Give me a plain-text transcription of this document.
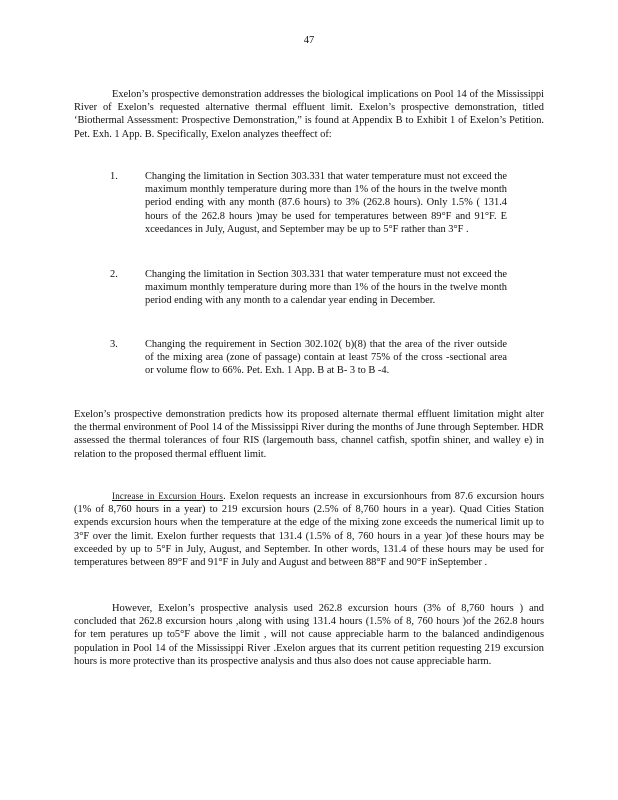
47

Exelon’s prospective demonstration addresses the biological implications on Pool 14 of the Mississippi River of Exelon’s requested alternative thermal effluent limit. Exelon’s prospective demonstration, titled ‘Biothermal Assessment: Prospective Demonstration,” is found at Appendix B to Exhibit 1 of Exelon’s Petition. Pet. Exh. 1 App. B. Specifically, Exelon analyzes theeffect of:

1.	Changing the limitation in Section 303.331 that water temperature must not exceed the maximum monthly temperature during more than 1% of the hours in the twelve month period ending with any month (87.6 hours) to 3% (262.8 hours). Only 1.5% ( 131.4 hours of the 262.8 hours )may be used for temperatures between 89°F and 91°F. E xceedances in July, August, and September may be up to 5°F rather than 3°F .

2.	Changing the limitation in Section 303.331 that water temperature must not exceed the maximum monthly temperature during more than 1% of the hours in the twelve month period ending with any month to a calendar year ending in December.

3.	Changing the requirement in Section 302.102( b)(8) that the area of the river outside of the mixing area (zone of passage) contain at least 75% of the cross -sectional area or volume flow to 66%. Pet. Exh. 1 App. B at B- 3 to B -4.

Exelon’s prospective demonstration predicts how its proposed alternate thermal effluent limitation might alter the thermal environment of Pool 14 of the Mississippi River during the months of June through September. HDR assessed the thermal tolerances of four RIS (largemouth bass, channel catfish, spotfin shiner, and walley e) in relation to the proposed thermal effluent limit.

Increase in Excursion Hours. Exelon requests an increase in excursionhours from 87.6 excursion hours (1% of 8,760 hours in a year) to 219 excursion hours (2.5% of 8,760 hours in a year). Quad Cities Station expends excursion hours when the temperature at the edge of the mixing zone exceeds the numerical limit up to 3°F over the limit. Exelon further requests that 131.4 (1.5% of 8, 760 hours in a year )of these hours may be exceeded by up to 5°F in July, August, and September. In other words, 131.4 of these hours may be used for temperatures between 89°F and 91°F in July and August and between 88°F and 90°F inSeptember .

However, Exelon’s prospective analysis used 262.8 excursion hours (3% of 8,760 hours ) and concluded that 262.8 excursion hours ,along with using 131.4 hours (1.5% of 8, 760 hours )of the 262.8 hours for tem peratures up to5°F above the limit , will not cause appreciable harm to the balanced andindigenous population in Pool 14 of the Mississippi River .Exelon argues that its current petition requesting 219 excursion hours is more protective than its prospective analysis and thus also does not cause appreciable harm.
